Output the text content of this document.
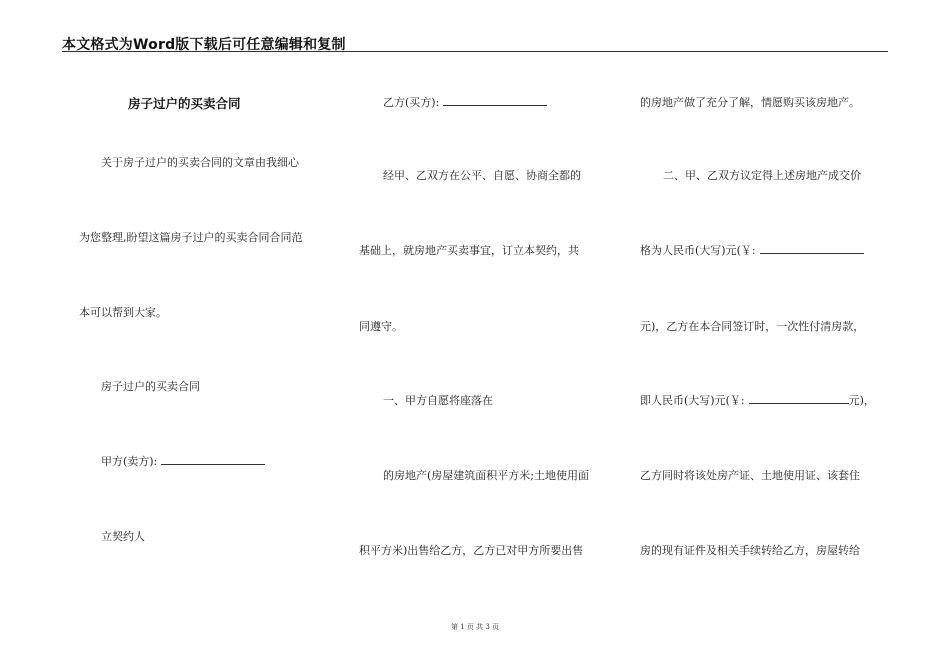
本文格式为Word版下载后可任意编辑和复制
房子过户的买卖合同
关于房子过户的买卖合同的文章由我细心
为您整理,盼望这篇房子过户的买卖合同合同范
本可以帮到大家。
房子过户的买卖合同
甲方(卖方):
立契约人
乙方(买方):
经甲、乙双方在公平、自愿、协商全都的
基础上，就房地产买卖事宜，订立本契约，共
同遵守。
一、甲方自愿将座落在
的房地产(房屋建筑面积平方米;土地使用面
积平方米)出售给乙方，乙方已对甲方所要出售
的房地产做了充分了解，情愿购买该房地产。
二、甲、乙双方议定得上述房地产成交价
格为人民币(大写)元(￥:
元)，乙方在本合同签订时，一次性付清房款，
即人民币(大写)元(￥:	元)，
乙方同时将该处房产证、土地使用证、该套住
房的现有证件及相关手续转给乙方，房屋转给
第 1 页 共 3 页
